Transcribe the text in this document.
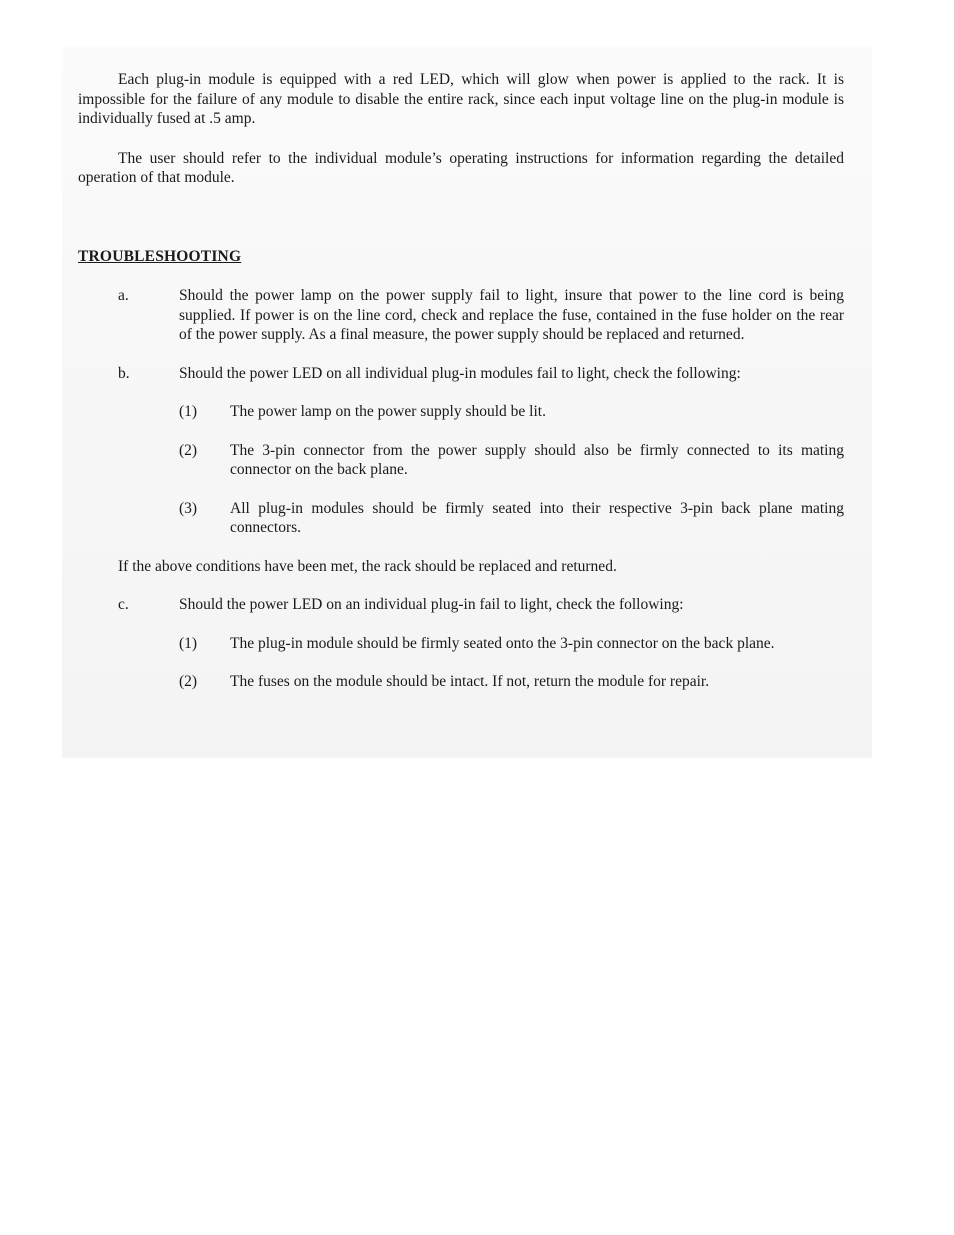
Each plug-in module is equipped with a red LED, which will glow when power is applied to the rack. It is impossible for the failure of any module to disable the entire rack, since each input voltage line on the plug-in module is individually fused at .5 amp.

The user should refer to the individual module’s operating instructions for information regarding the detailed operation of that module.

TROUBLESHOOTING

a.	Should the power lamp on the power supply fail to light, insure that power to the line cord is being supplied. If power is on the line cord, check and replace the fuse, contained in the fuse holder on the rear of the power supply. As a final measure, the power supply should be replaced and returned.
b.	Should the power LED on all individual plug-in modules fail to light, check the following:
(1)	The power lamp on the power supply should be lit.
(2)	The 3-pin connector from the power supply should also be firmly connected to its mating connector on the back plane.
(3)	All plug-in modules should be firmly seated into their respective 3-pin back plane mating connectors.

If the above conditions have been met, the rack should be replaced and returned.

c.	Should the power LED on an individual plug-in fail to light, check the following:
(1)	The plug-in module should be firmly seated onto the 3-pin connector on the back plane.
(2)	The fuses on the module should be intact. If not, return the module for repair.
